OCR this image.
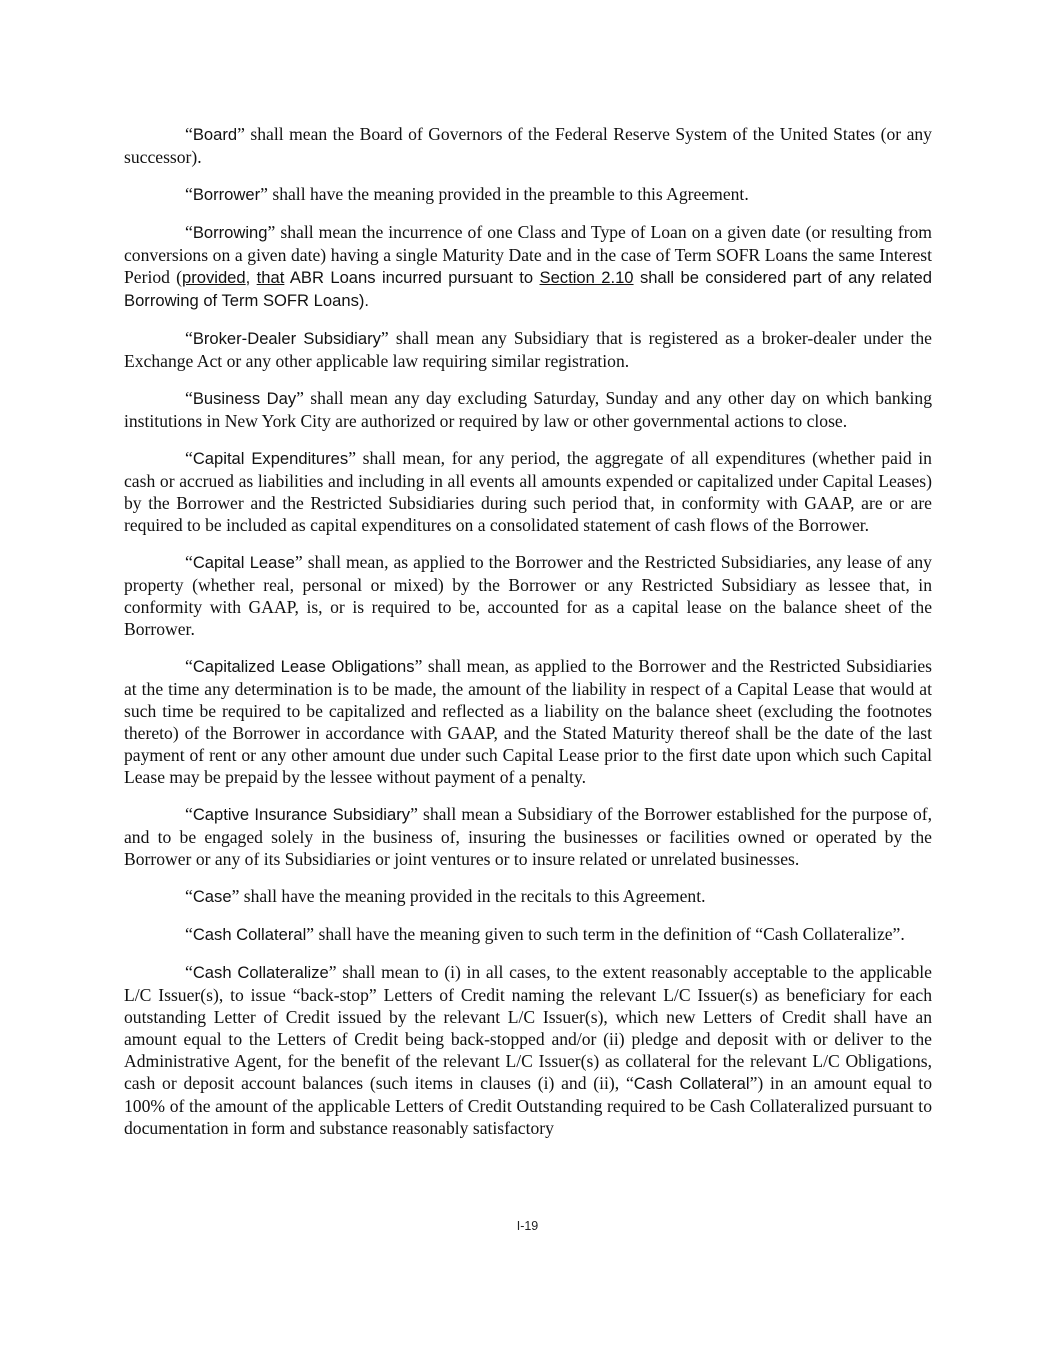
“Board” shall mean the Board of Governors of the Federal Reserve System of the United States (or any successor).

“Borrower” shall have the meaning provided in the preamble to this Agreement.

“Borrowing” shall mean the incurrence of one Class and Type of Loan on a given date (or resulting from conversions on a given date) having a single Maturity Date and in the case of Term SOFR Loans the same Interest Period (provided, that ABR Loans incurred pursuant to Section 2.10 shall be considered part of any related Borrowing of Term SOFR Loans).

“Broker-Dealer Subsidiary” shall mean any Subsidiary that is registered as a broker-dealer under the Exchange Act or any other applicable law requiring similar registration.

“Business Day” shall mean any day excluding Saturday, Sunday and any other day on which banking institutions in New York City are authorized or required by law or other governmental actions to close.

“Capital Expenditures” shall mean, for any period, the aggregate of all expenditures (whether paid in cash or accrued as liabilities and including in all events all amounts expended or capitalized under Capital Leases) by the Borrower and the Restricted Subsidiaries during such period that, in conformity with GAAP, are or are required to be included as capital expenditures on a consolidated statement of cash flows of the Borrower.

“Capital Lease” shall mean, as applied to the Borrower and the Restricted Subsidiaries, any lease of any property (whether real, personal or mixed) by the Borrower or any Restricted Subsidiary as lessee that, in conformity with GAAP, is, or is required to be, accounted for as a capital lease on the balance sheet of the Borrower.

“Capitalized Lease Obligations” shall mean, as applied to the Borrower and the Restricted Subsidiaries at the time any determination is to be made, the amount of the liability in respect of a Capital Lease that would at such time be required to be capitalized and reflected as a liability on the balance sheet (excluding the footnotes thereto) of the Borrower in accordance with GAAP, and the Stated Maturity thereof shall be the date of the last payment of rent or any other amount due under such Capital Lease prior to the first date upon which such Capital Lease may be prepaid by the lessee without payment of a penalty.

“Captive Insurance Subsidiary” shall mean a Subsidiary of the Borrower established for the purpose of, and to be engaged solely in the business of, insuring the businesses or facilities owned or operated by the Borrower or any of its Subsidiaries or joint ventures or to insure related or unrelated businesses.

“Case” shall have the meaning provided in the recitals to this Agreement.

“Cash Collateral” shall have the meaning given to such term in the definition of “Cash Collateralize”.

“Cash Collateralize” shall mean to (i) in all cases, to the extent reasonably acceptable to the applicable L/C Issuer(s), to issue “back-stop” Letters of Credit naming the relevant L/C Issuer(s) as beneficiary for each outstanding Letter of Credit issued by the relevant L/C Issuer(s), which new Letters of Credit shall have an amount equal to the Letters of Credit being back-stopped and/or (ii) pledge and deposit with or deliver to the Administrative Agent, for the benefit of the relevant L/C Issuer(s) as collateral for the relevant L/C Obligations, cash or deposit account balances (such items in clauses (i) and (ii), “Cash Collateral”) in an amount equal to 100% of the amount of the applicable Letters of Credit Outstanding required to be Cash Collateralized pursuant to documentation in form and substance reasonably satisfactory

I-19
